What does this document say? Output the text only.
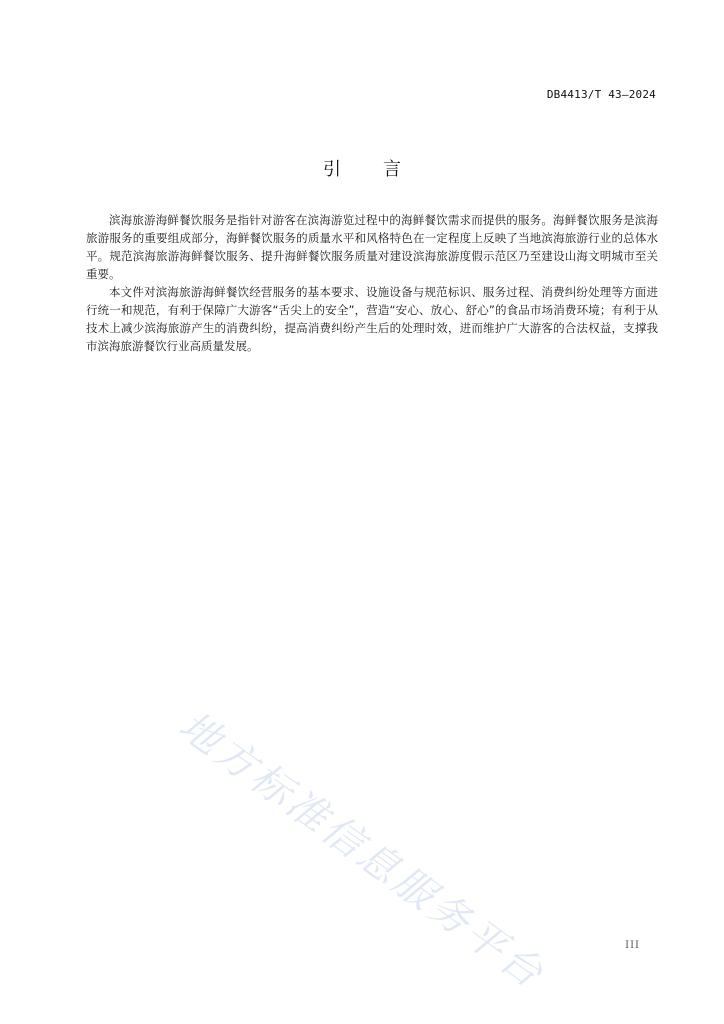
DB4413/T 43—2024
引言

滨海旅游海鲜餐饮服务是指针对游客在滨海游览过程中的海鲜餐饮需求而提供的服务。海鲜餐饮服务是滨海旅游服务的重要组成部分，海鲜餐饮服务的质量水平和风格特色在一定程度上反映了当地滨海旅游行业的总体水平。规范滨海旅游海鲜餐饮服务、提升海鲜餐饮服务质量对建设滨海旅游度假示范区乃至建设山海文明城市至关重要。

本文件对滨海旅游海鲜餐饮经营服务的基本要求、设施设备与规范标识、服务过程、消费纠纷处理等方面进行统一和规范，有利于保障广大游客“舌尖上的安全”，营造“安心、放心、舒心”的食品市场消费环境；有利于从技术上减少滨海旅游产生的消费纠纷，提高消费纠纷产生后的处理时效，进而维护广大游客的合法权益，支撑我市滨海旅游餐饮行业高质量发展。

地方标准信息服务平台	III
